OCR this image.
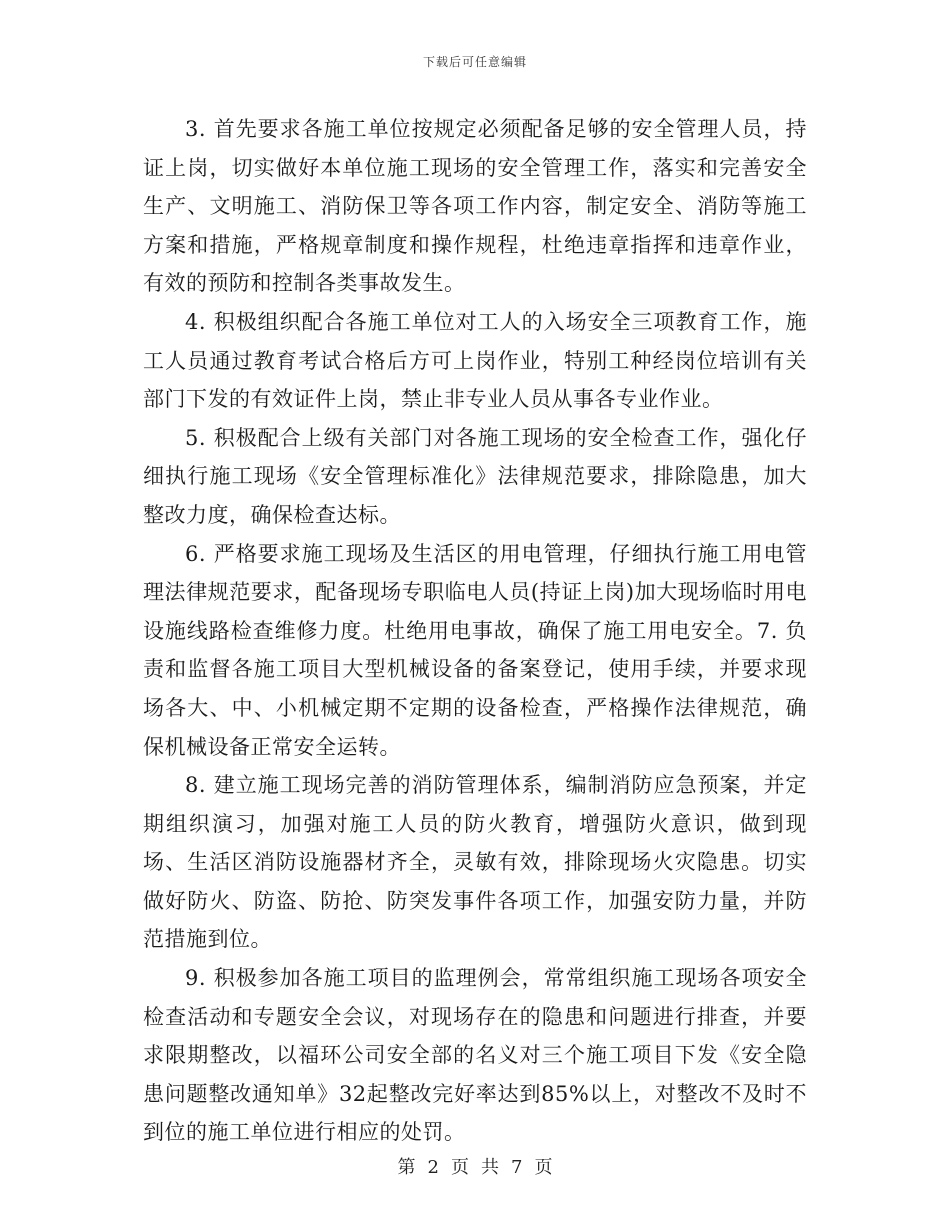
下载后可任意编辑

3. 首先要求各施工单位按规定必须配备足够的安全管理人员，持证上岗，切实做好本单位施工现场的安全管理工作，落实和完善安全生产、文明施工、消防保卫等各项工作内容，制定安全、消防等施工方案和措施，严格规章制度和操作规程，杜绝违章指挥和违章作业，有效的预防和控制各类事故发生。

4. 积极组织配合各施工单位对工人的入场安全三项教育工作，施工人员通过教育考试合格后方可上岗作业，特别工种经岗位培训有关部门下发的有效证件上岗，禁止非专业人员从事各专业作业。

5. 积极配合上级有关部门对各施工现场的安全检查工作，强化仔细执行施工现场《安全管理标准化》法律规范要求，排除隐患，加大整改力度，确保检查达标。

6. 严格要求施工现场及生活区的用电管理，仔细执行施工用电管理法律规范要求，配备现场专职临电人员(持证上岗)加大现场临时用电设施线路检查维修力度。杜绝用电事故，确保了施工用电安全。7. 负责和监督各施工项目大型机械设备的备案登记，使用手续，并要求现场各大、中、小机械定期不定期的设备检查，严格操作法律规范，确保机械设备正常安全运转。

8. 建立施工现场完善的消防管理体系，编制消防应急预案，并定期组织演习，加强对施工人员的防火教育，增强防火意识，做到现场、生活区消防设施器材齐全，灵敏有效，排除现场火灾隐患。切实做好防火、防盗、防抢、防突发事件各项工作，加强安防力量，并防范措施到位。

9. 积极参加各施工项目的监理例会，常常组织施工现场各项安全检查活动和专题安全会议，对现场存在的隐患和问题进行排查，并要求限期整改，以福环公司安全部的名义对三个施工项目下发《安全隐患问题整改通知单》32起整改完好率达到85%以上，对整改不及时不到位的施工单位进行相应的处罚。

第 2 页 共 7 页
